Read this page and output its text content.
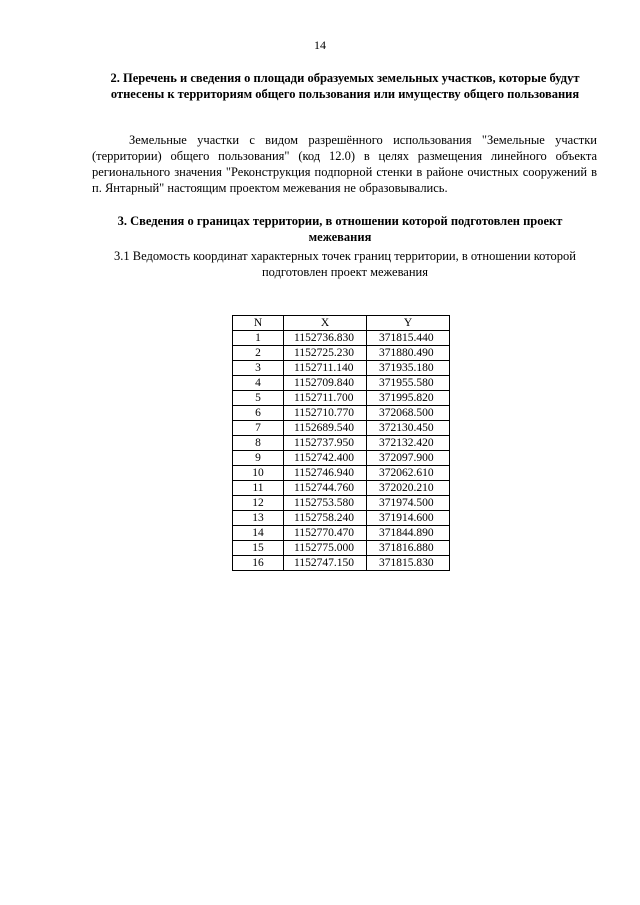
14
2. Перечень и сведения о площади образуемых земельных участков, которые будут отнесены к территориям общего пользования или имуществу общего пользования
Земельные участки с видом разрешённого использования "Земельные участки (территории) общего пользования" (код 12.0) в целях размещения линейного объекта регионального значения "Реконструкция подпорной стенки в районе очистных сооружений в п. Янтарный" настоящим проектом межевания не образовывались.
3. Сведения о границах территории, в отношении которой подготовлен проект межевания
3.1 Ведомость координат характерных точек границ территории, в отношении которой подготовлен проект межевания
N	X	Y
1	1152736.830	371815.440
2	1152725.230	371880.490
3	1152711.140	371935.180
4	1152709.840	371955.580
5	1152711.700	371995.820
6	1152710.770	372068.500
7	1152689.540	372130.450
8	1152737.950	372132.420
9	1152742.400	372097.900
10	1152746.940	372062.610
11	1152744.760	372020.210
12	1152753.580	371974.500
13	1152758.240	371914.600
14	1152770.470	371844.890
15	1152775.000	371816.880
16	1152747.150	371815.830
